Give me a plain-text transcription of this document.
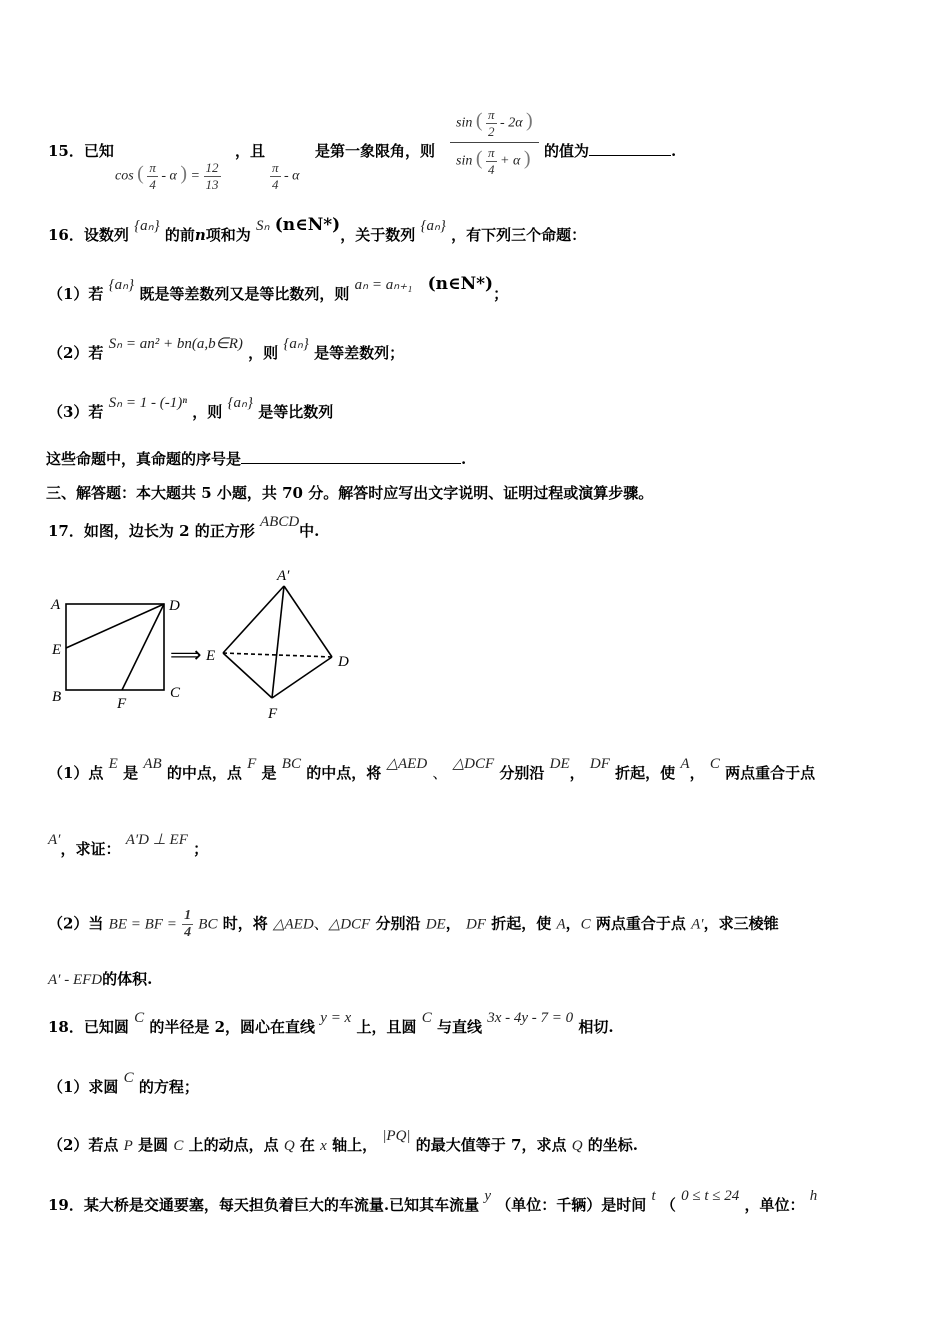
15．已知
cos ( $\frac{\pi}{4}$ - α ) = $\frac{12}{13}$
，且
$\frac{\pi}{4}$ - α
是第一象限角，则
sin ( $\frac{\pi}{2} - 2\alpha$ )
sin ( $\frac{\pi}{4} + \alpha$ ) 的值为	.
16．设数列 {aₙ} 的前n项和为 Sₙ (n∈N*)，关于数列 {aₙ} ，有下列三个命题：
（1）若 {aₙ} 既是等差数列又是等比数列，则 aₙ = aₙ₊₁ (n∈N*)；
（2）若 Sₙ = an² + bn(a,b∈R) ，则 {aₙ} 是等差数列；
（3）若 Sₙ = 1 - (-1)ⁿ ，则 {aₙ} 是等比数列
这些命题中，真命题的序号是	.
三、解答题：本大题共 5 小题，共 70 分。解答时应写出文字说明、证明过程或演算步骤。
17．如图，边长为 2 的正方形 ABCD中.
A
B	C
D
E
F
E	D
F
A′
⟹
（1）点 E 是 AB 的中点，点 F 是 BC 的中点，将 △AED 、 △DCF 分别沿 DE， DF 折起，使 A， C 两点重合于点
A′，求证： A′D ⊥ EF ；
（2）当 BE = BF = $\frac{1}{4}$ BC 时，将 △AED、△DCF 分别沿 DE， DF 折起，使 A，C 两点重合于点 A′，求三棱锥
A′ - EFD的体积.
18．已知圆 C 的半径是 2，圆心在直线 y = x 上，且圆 C 与直线 3x - 4y - 7 = 0 相切.
（1）求圆 C 的方程；
（2）若点 P 是圆 C 上的动点，点 Q 在 x 轴上， |PQ| 的最大值等于 7，求点 Q 的坐标.
19．某大桥是交通要塞，每天担负着巨大的车流量.已知其车流量 y （单位：千辆）是时间 t （ 0 ≤ t ≤ 24 ，单位： h
